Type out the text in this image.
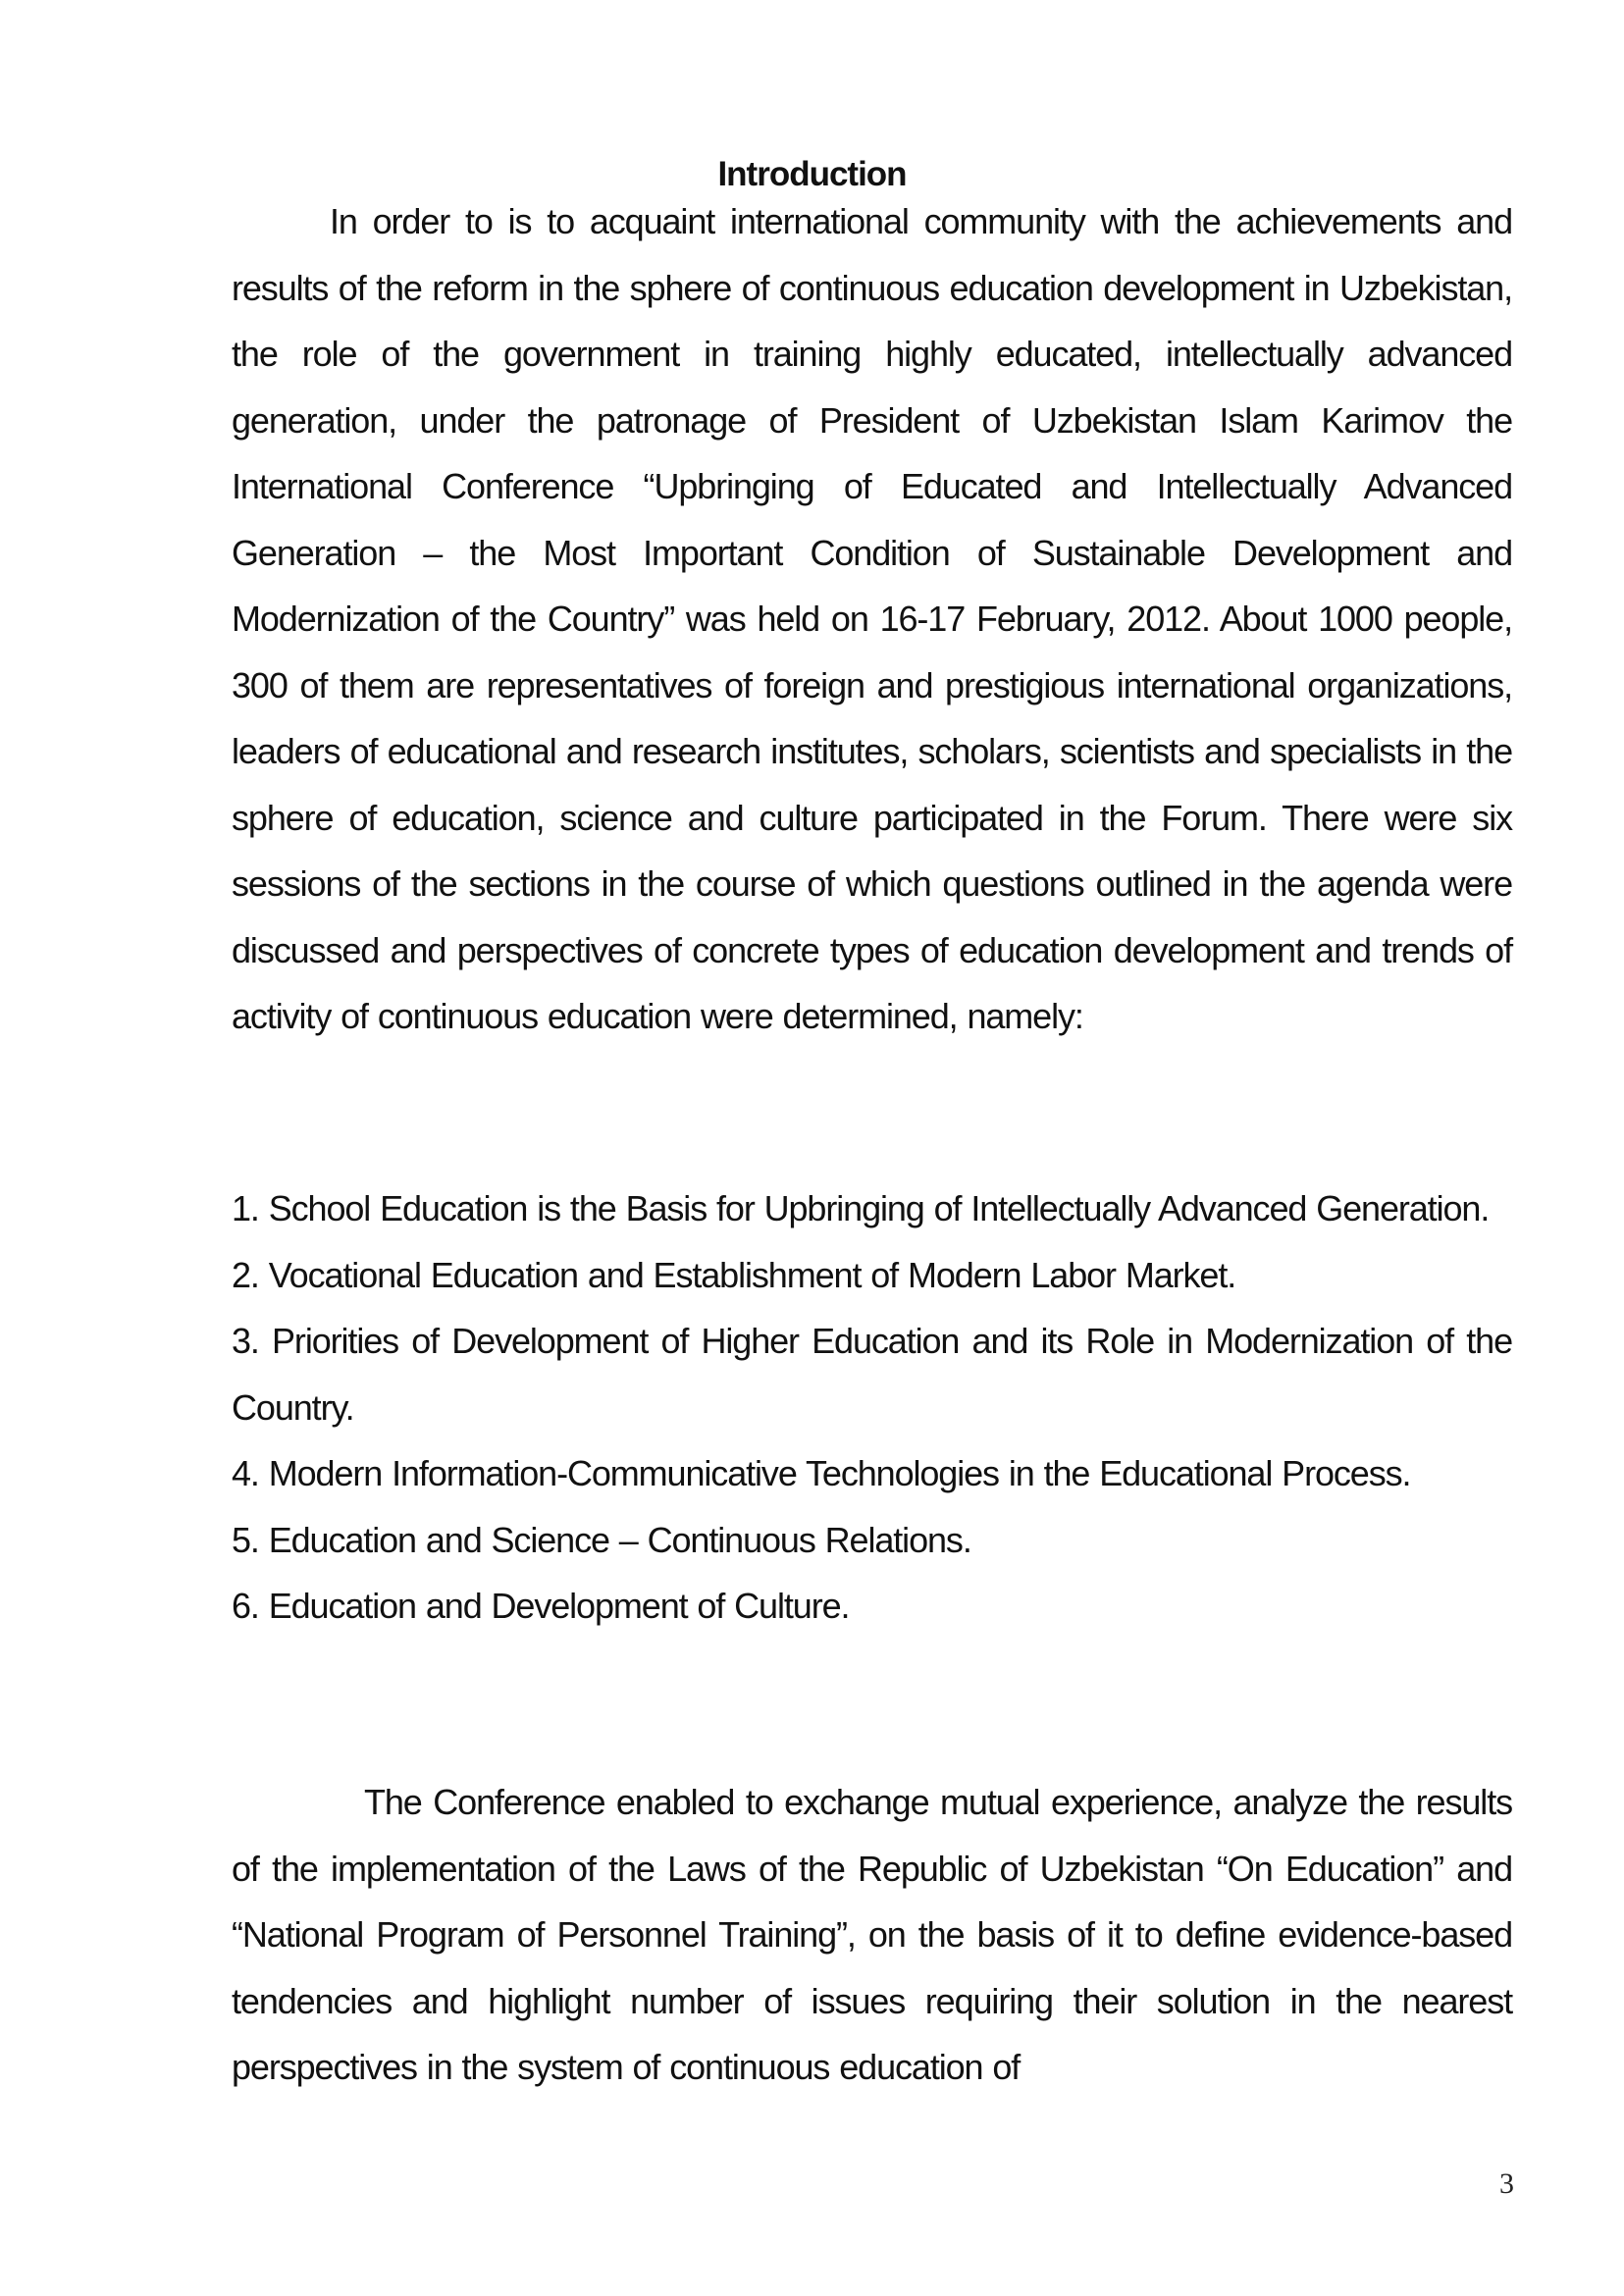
Introduction

In order to is to acquaint international community with the achievements and results of the reform in the sphere of continuous education development in Uzbekistan, the role of the government in training highly educated, intellectually advanced generation, under the patronage of President of Uzbekistan Islam Karimov the International Conference “Upbringing of Educated and Intellectually Advanced Generation – the Most Important Condition of Sustainable Development and Modernization of the Country” was held on 16-17 February, 2012. About 1000 people, 300 of them are representatives of foreign and prestigious international organizations, leaders of educational and research institutes, scholars, scientists and specialists in the sphere of education, science and culture participated in the Forum. There were six sessions of the sections in the course of which questions outlined in the agenda were discussed and perspectives of concrete types of education development and trends of activity of continuous education were determined, namely:

1. School Education is the Basis for Upbringing of Intellectually Advanced Generation.

2. Vocational Education and Establishment of Modern Labor Market.

3. Priorities of Development of Higher Education and its Role in Modernization of the Country.

4. Modern Information-Communicative Technologies in the Educational Process.

5. Education and Science – Continuous Relations.

6. Education and Development of Culture.

The Conference enabled to exchange mutual experience, analyze the results of the implementation of the Laws of the Republic of Uzbekistan “On Education” and “National Program of Personnel Training”, on the basis of it to define evidence-based tendencies and highlight number of issues requiring their solution in the nearest perspectives in the system of continuous education of

3
